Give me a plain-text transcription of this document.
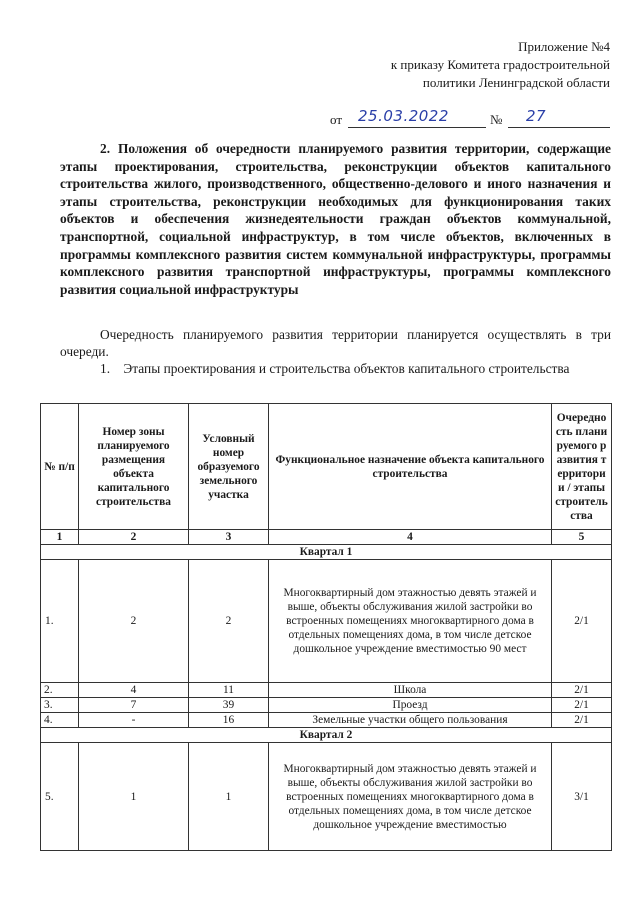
Приложение №4
к приказу Комитета градостроительной
политики Ленинградской области
от 25.03.2022	№ 27
2. Положения об очередности планируемого развития территории, содержащие этапы проектирования, строительства, реконструкции объектов капитального строительства жилого, производственного, общественно-делового и иного назначения и этапы строительства, реконструкции необходимых для функционирования таких объектов и обеспечения жизнедеятельности граждан объектов коммунальной, транспортной, социальной инфраструктур, в том числе объектов, включенных в программы комплексного развития систем коммунальной инфраструктуры, программы комплексного развития транспортной инфраструктуры, программы комплексного развития социальной инфраструктуры
Очередность планируемого развития территории планируется осуществлять в три очереди.
1.    Этапы проектирования и строительства объектов капитального строительства
№ п/п	Номер зоны планируемого размещения объекта капитального строительства	Условный номер образуемого земельного участка	Функциональное назначение объекта капитального строительства	Очередность планируемого развития территории / этапы строительства
1	2	3	4	5
Квартал 1				
1.	2	2	Многоквартирный дом этажностью девять этажей и выше, объекты обслуживания жилой застройки во встроенных помещениях многоквартирного дома в отдельных помещениях дома, в том числе детское дошкольное учреждение вместимостью 90 мест	2/1
2.	4	11	Школа	2/1
3.	7	39	Проезд	2/1
4.	-	16	Земельные участки общего пользования	2/1
Квартал 2				
5.	1	1	Многоквартирный дом этажностью девять этажей и выше, объекты обслуживания жилой застройки во встроенных помещениях многоквартирного дома в отдельных помещениях дома, в том числе детское дошкольное учреждение вместимостью	3/1
